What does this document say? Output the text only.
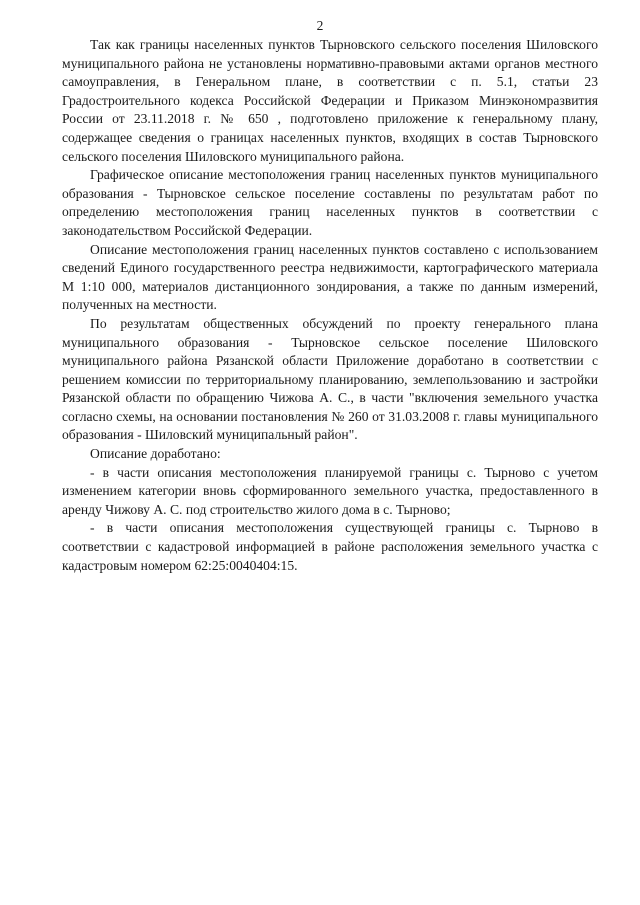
2

Так как границы населенных пунктов Тырновского сельского поселения Шиловского муниципального района не установлены нормативно-правовыми актами органов местного самоуправления, в Генеральном плане, в соответствии с п. 5.1, статьи 23 Градостроительного кодекса Российской Федерации и Приказом Минэкономразвития России от 23.11.2018 г. № 650 , подготовлено приложение к генеральному плану, содержащее сведения о границах населенных пунктов, входящих в состав Тырновского сельского поселения Шиловского муниципального района.

Графическое описание местоположения границ населенных пунктов муниципального образования - Тырновское сельское поселение составлены по результатам работ по определению местоположения границ населенных пунктов в соответствии с законодательством Российской Федерации.

Описание местоположения границ населенных пунктов составлено с использованием сведений Единого государственного реестра недвижимости, картографического материала М 1:10 000, материалов дистанционного зондирования, а также по данным измерений, полученных на местности.

По результатам общественных обсуждений по проекту генерального плана муниципального образования - Тырновское сельское поселение Шиловского муниципального района Рязанской области Приложение доработано в соответствии с решением комиссии по территориальному планированию, землепользованию и застройки Рязанской области по обращению Чижова А. С., в части "включения земельного участка согласно схемы, на основании постановления № 260 от 31.03.2008 г. главы муниципального образования - Шиловский муниципальный район".

Описание доработано:

- в части описания местоположения планируемой границы с. Тырново с учетом изменением категории вновь сформированного земельного участка, предоставленного в аренду Чижову А. С. под строительство жилого дома в с. Тырново;

- в части описания местоположения существующей границы с. Тырново в соответствии с кадастровой информацией в районе расположения земельного участка с кадастровым номером 62:25:0040404:15.
